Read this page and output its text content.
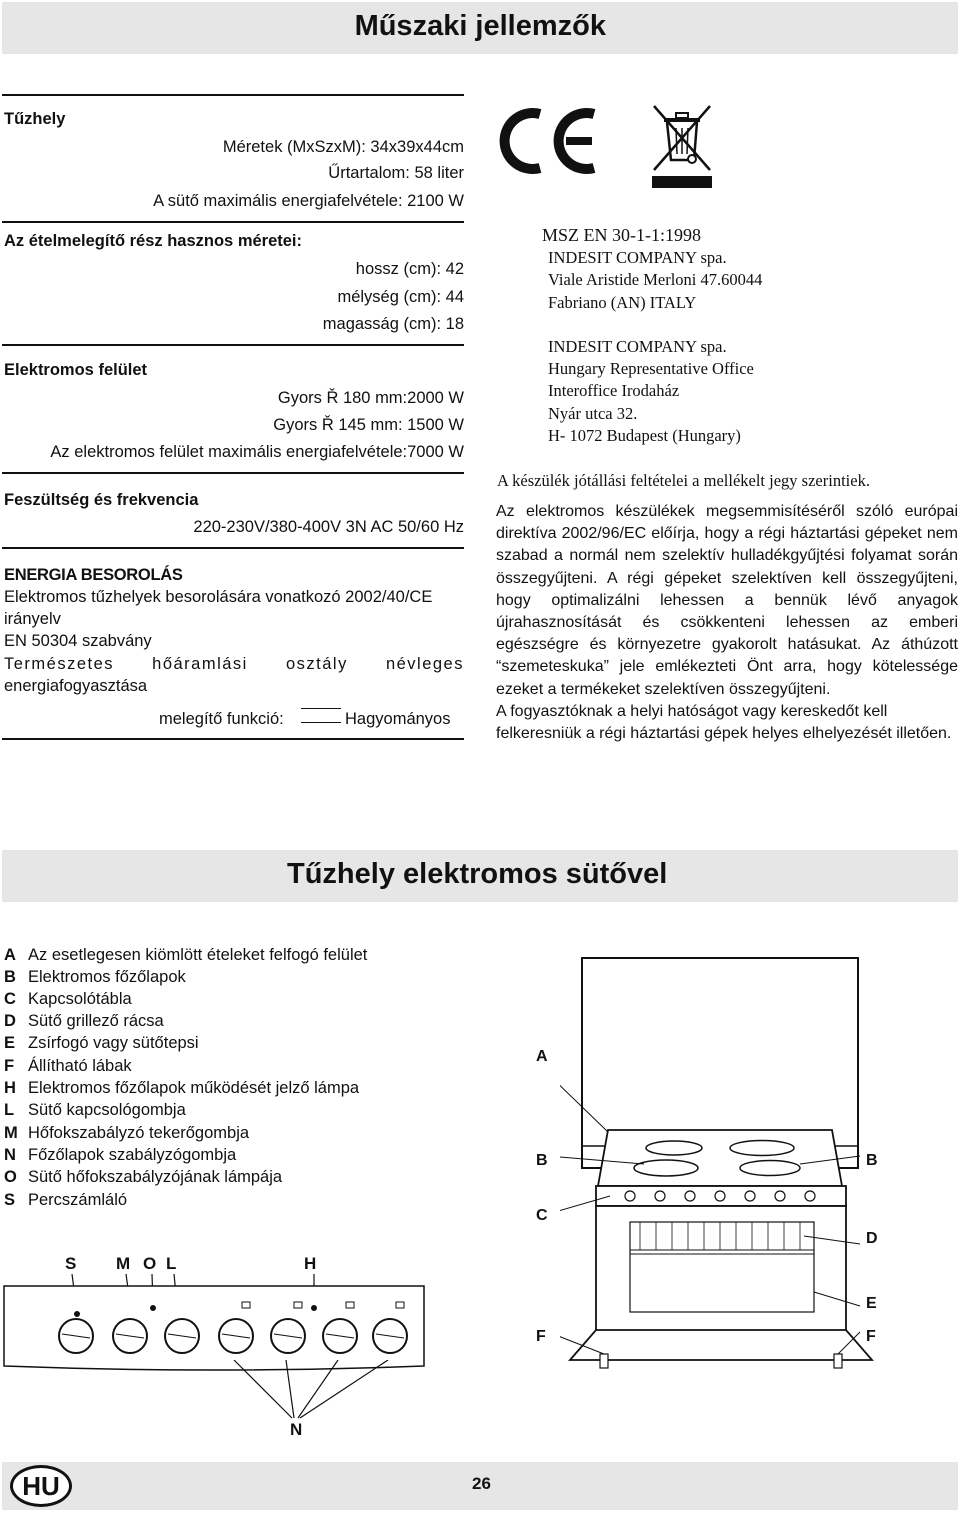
Műszaki jellemzők
Tűzhely
Méretek (MxSzxM): 34x39x44cm
Űrtartalom: 58 liter
A sütő maximális energiafelvétele: 2100 W
Az ételmelegítő rész hasznos méretei:
hossz (cm): 42
mélység (cm): 44
magasság (cm): 18
Elektromos felület
Gyors Ř 180 mm:2000 W
Gyors Ř 145 mm: 1500 W
Az elektromos felület maximális energiafelvétele:7000 W
Feszültség és frekvencia
220-230V/380-400V 3N AC 50/60 Hz
ENERGIA BESOROLÁS
Elektromos tűzhelyek besorolására vonatkozó 2002/40/CE
irányelv
EN 50304 szabvány
Természetes hőáramlási osztály névleges
energiafogyasztása
melegítő funkció:	Hagyományos
MSZ EN 30-1-1:1998
INDESIT COMPANY spa.
Viale Aristide Merloni 47.60044
Fabriano (AN) ITALY
INDESIT COMPANY spa.
Hungary Representative Office
Interoffice Irodaház
Nyár utca 32.
H- 1072 Budapest (Hungary)
A készülék jótállási feltételei a mellékelt jegy szerintiek.

Az elektromos készülékek megsemmisítéséről szóló európai direktíva 2002/96/EC előírja, hogy a régi háztartási gépeket nem szabad a normál nem szelektív hulladékgyűjtési folyamat során összegyűjteni. A régi gépeket szelektíven kell összegyűjteni, hogy optimalizálni lehessen a bennük lévő anyagok újrahasznosítását és csökkenteni lehessen az emberi egészségre és környezetre gyakorolt hatásukat. Az áthúzott “szemeteskuka” jele emlékezteti Önt arra, hogy kötelessége ezeket a termékeket szelektíven összegyűjteni.

A fogyasztóknak a helyi hatóságot vagy kereskedőt kell felkeresniük a régi háztartási gépek helyes elhelyezését illetően.

Tűzhely elektromos sütővel
A Az esetlegesen kiömlött ételeket felfogó felület
B Elektromos főzőlapok
C Kapcsolótábla
D Sütő grillező rácsa
E Zsírfogó vagy sütőtepsi
F Állítható lábak
H Elektromos főzőlapok működését jelző lámpa
L Sütő kapcsológombja
M Hőfokszabályzó tekerőgombja
N Főzőlapok szabályzógombja
O Sütő hőfokszabályzójának lámpája
S Percszámláló
S M O L	H
N
A
B	B
C
D
E
F	F
HU	26
